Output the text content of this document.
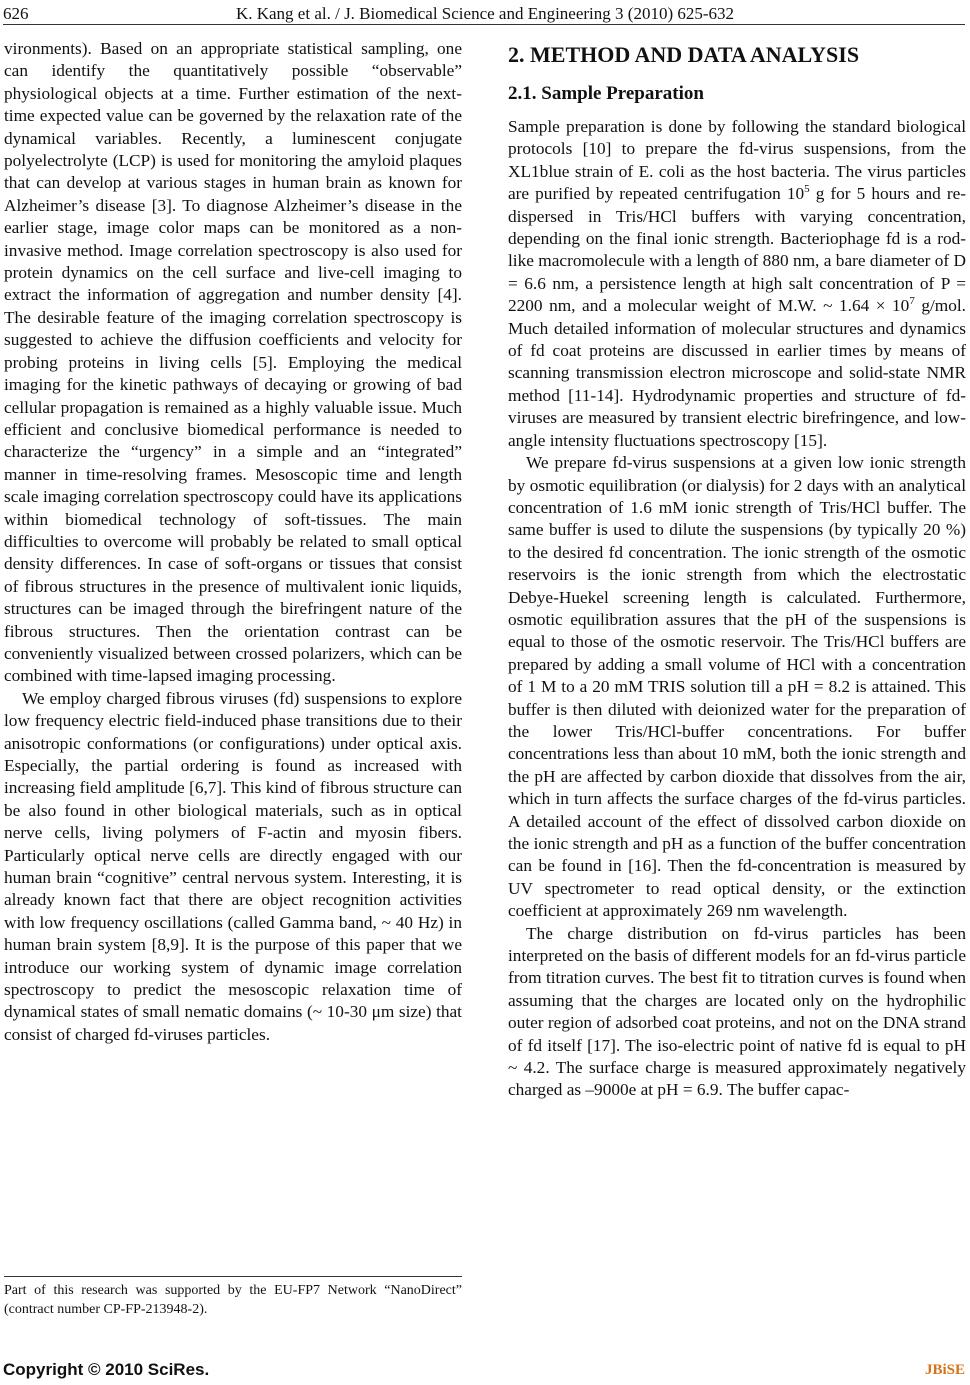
626	K. Kang et al. / J. Biomedical Science and Engineering 3 (2010) 625-632

vironments). Based on an appropriate statistical sampling, one can identify the quantitatively possible “observable” physiological objects at a time. Further estimation of the next-time expected value can be governed by the relaxation rate of the dynamical variables. Recently, a luminescent conjugate polyelectrolyte (LCP) is used for monitoring the amyloid plaques that can develop at various stages in human brain as known for Alzheimer’s disease [3]. To diagnose Alzheimer’s disease in the earlier stage, image color maps can be monitored as a non-invasive method. Image correlation spectroscopy is also used for protein dynamics on the cell surface and live-cell imaging to extract the information of aggregation and number density [4]. The desirable feature of the imaging correlation spectroscopy is suggested to achieve the diffusion coefficients and velocity for probing proteins in living cells [5]. Employing the medical imaging for the kinetic pathways of decaying or growing of bad cellular propagation is remained as a highly valuable issue. Much efficient and conclusive biomedical performance is needed to characterize the “urgency” in a simple and an “integrated” manner in time-resolving frames. Mesoscopic time and length scale imaging correlation spectroscopy could have its applications within biomedical technology of soft-tissues. The main difficulties to overcome will probably be related to small optical density differences. In case of soft-organs or tissues that consist of fibrous structures in the presence of multivalent ionic liquids, structures can be imaged through the birefringent nature of the fibrous structures. Then the orientation contrast can be conveniently visualized between crossed polarizers, which can be combined with time-lapsed imaging processing.

We employ charged fibrous viruses (fd) suspensions to explore low frequency electric field-induced phase transitions due to their anisotropic conformations (or configurations) under optical axis. Especially, the partial ordering is found as increased with increasing field amplitude [6,7]. This kind of fibrous structure can be also found in other biological materials, such as in optical nerve cells, living polymers of F-actin and myosin fibers. Particularly optical nerve cells are directly engaged with our human brain “cognitive” central nervous system. Interesting, it is already known fact that there are object recognition activities with low frequency oscillations (called Gamma band, ~ 40 Hz) in human brain system [8,9]. It is the purpose of this paper that we introduce our working system of dynamic image correlation spectroscopy to predict the mesoscopic relaxation time of dynamical states of small nematic domains (~ 10-30 μm size) that consist of charged fd-viruses particles.

2. METHOD AND DATA ANALYSIS
2.1. Sample Preparation

Sample preparation is done by following the standard biological protocols [10] to prepare the fd-virus suspensions, from the XL1blue strain of E. coli as the host bacteria. The virus particles are purified by repeated centrifugation $10^5$ g for 5 hours and re-dispersed in Tris/HCl buffers with varying concentration, depending on the final ionic strength. Bacteriophage fd is a rod-like macromolecule with a length of 880 nm, a bare diameter of D = 6.6 nm, a persistence length at high salt concentration of P = 2200 nm, and a molecular weight of M.W. ~ $1.64 \times 10^7$ g/mol. Much detailed information of molecular structures and dynamics of fd coat proteins are discussed in earlier times by means of scanning transmission electron microscope and solid-state NMR method [11-14]. Hydrodynamic properties and structure of fd-viruses are measured by transient electric birefringence, and low-angle intensity fluctuations spectroscopy [15].

We prepare fd-virus suspensions at a given low ionic strength by osmotic equilibration (or dialysis) for 2 days with an analytical concentration of 1.6 mM ionic strength of Tris/HCl buffer. The same buffer is used to dilute the suspensions (by typically 20 %) to the desired fd concentration. The ionic strength of the osmotic reservoirs is the ionic strength from which the electrostatic Debye-Huekel screening length is calculated. Furthermore, osmotic equilibration assures that the pH of the suspensions is equal to those of the osmotic reservoir. The Tris/HCl buffers are prepared by adding a small volume of HCl with a concentration of 1 M to a 20 mM TRIS solution till a pH = 8.2 is attained. This buffer is then diluted with deionized water for the preparation of the lower Tris/HCl-buffer concentrations. For buffer concentrations less than about 10 mM, both the ionic strength and the pH are affected by carbon dioxide that dissolves from the air, which in turn affects the surface charges of the fd-virus particles. A detailed account of the effect of dissolved carbon dioxide on the ionic strength and pH as a function of the buffer concentration can be found in [16]. Then the fd-concentration is measured by UV spectrometer to read optical density, or the extinction coefficient at approximately 269 nm wavelength.

The charge distribution on fd-virus particles has been interpreted on the basis of different models for an fd-virus particle from titration curves. The best fit to titration curves is found when assuming that the charges are located only on the hydrophilic outer region of adsorbed coat proteins, and not on the DNA strand of fd itself [17]. The iso-electric point of native fd is equal to pH ~ 4.2. The surface charge is measured approximately negatively charged as –9000e at pH = 6.9. The buffer capac-

Part of this research was supported by the EU-FP7 Network “NanoDirect” (contract number CP-FP-213948-2).
Copyright © 2010 SciRes.	JBiSE
